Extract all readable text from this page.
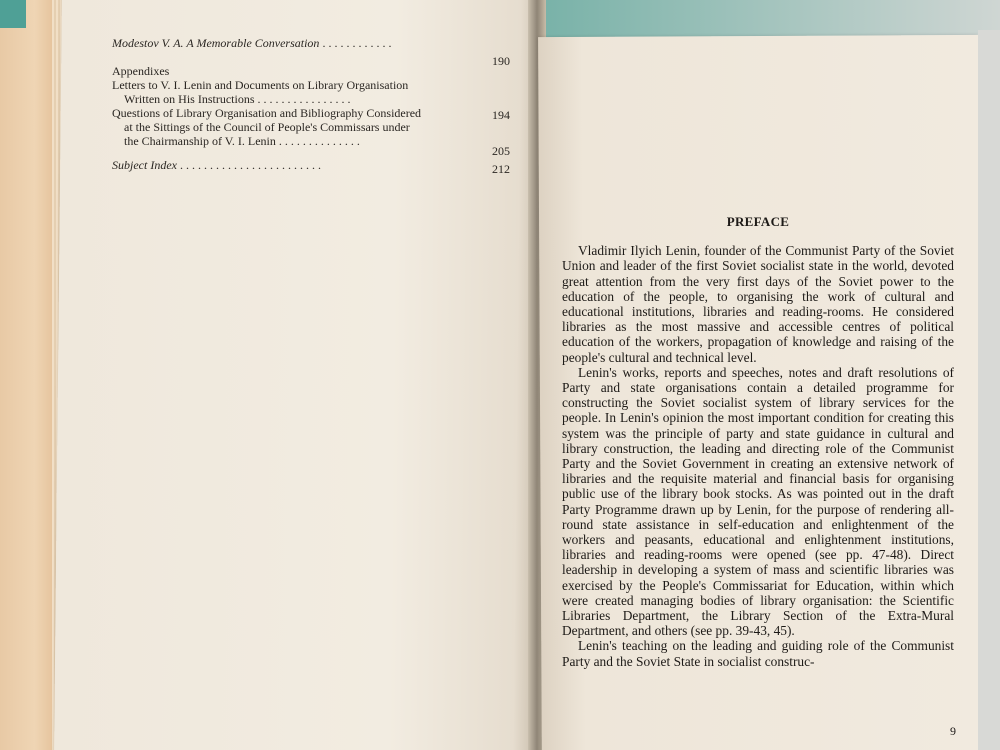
Modestov V. A. A Memorable Conversation . . . . . . . . . . . .
190
Appendixes
Letters to V. I. Lenin and Documents on Library Organisation
Written on His Instructions . . . . . . . . . . . . . . . .
194
Questions of Library Organisation and Bibliography Considered
at the Sittings of the Council of People's Commissars under
the Chairmanship of V. I. Lenin . . . . . . . . . . . . . .
205
Subject Index . . . . . . . . . . . . . . . . . . . . . . . .	212
PREFACE

Vladimir Ilyich Lenin, founder of the Communist Party of the Soviet Union and leader of the first Soviet socialist state in the world, devoted great attention from the very first days of the Soviet power to the education of the people, to organising the work of cultural and educational institutions, libraries and reading-rooms. He considered libraries as the most massive and accessible centres of political education of the workers, propagation of knowledge and raising of the people's cultural and technical level.

Lenin's works, reports and speeches, notes and draft resolutions of Party and state organisations contain a detailed programme for constructing the Soviet socialist system of library services for the people. In Lenin's opinion the most important condition for creating this system was the principle of party and state guidance in cultural and library construction, the leading and directing role of the Communist Party and the Soviet Government in creating an extensive network of libraries and the requisite material and financial basis for organising public use of the library book stocks. As was pointed out in the draft Party Programme drawn up by Lenin, for the purpose of rendering all-round state assistance in self-education and enlightenment of the workers and peasants, educational and enlightenment institutions, libraries and reading-rooms were opened (see pp. 47-48). Direct leadership in developing a system of mass and scientific libraries was exercised by the People's Commissariat for Education, within which were created managing bodies of library organisation: the Scientific Libraries Department, the Library Section of the Extra-Mural Department, and others (see pp. 39-43, 45).

Lenin's teaching on the leading and guiding role of the Communist Party and the Soviet State in socialist construc-

9
